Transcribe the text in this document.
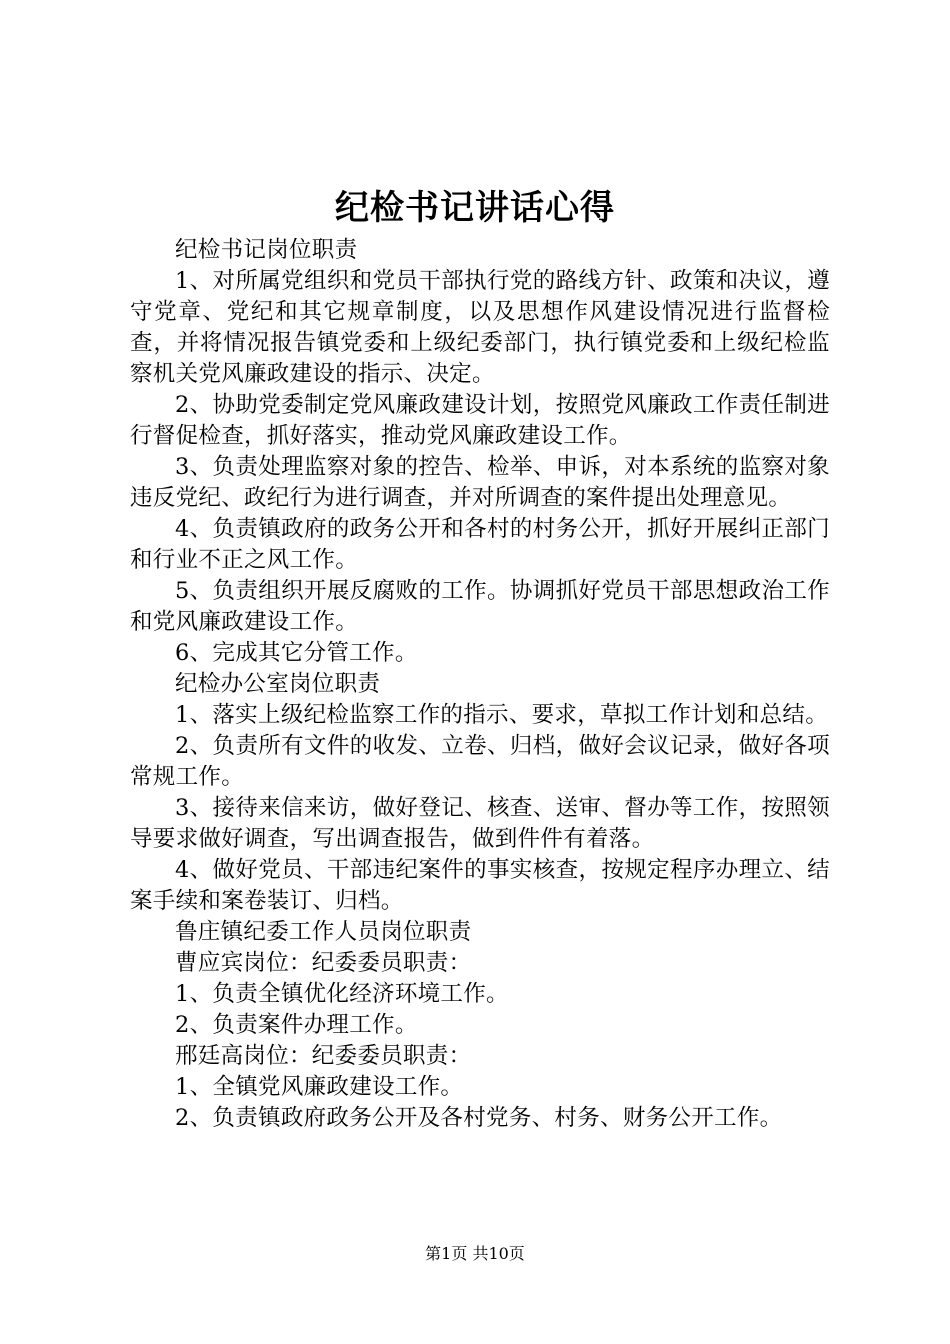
纪检书记讲话心得

纪检书记岗位职责

1、对所属党组织和党员干部执行党的路线方针、政策和决议，遵守党章、党纪和其它规章制度，以及思想作风建设情况进行监督检查，并将情况报告镇党委和上级纪委部门，执行镇党委和上级纪检监察机关党风廉政建设的指示、决定。

2、协助党委制定党风廉政建设计划，按照党风廉政工作责任制进行督促检查，抓好落实，推动党风廉政建设工作。

3、负责处理监察对象的控告、检举、申诉，对本系统的监察对象违反党纪、政纪行为进行调查，并对所调查的案件提出处理意见。

4、负责镇政府的政务公开和各村的村务公开，抓好开展纠正部门和行业不正之风工作。

5、负责组织开展反腐败的工作。协调抓好党员干部思想政治工作和党风廉政建设工作。

6、完成其它分管工作。

纪检办公室岗位职责

1、落实上级纪检监察工作的指示、要求，草拟工作计划和总结。

2、负责所有文件的收发、立卷、归档，做好会议记录，做好各项常规工作。

3、接待来信来访，做好登记、核查、送审、督办等工作，按照领导要求做好调查，写出调查报告，做到件件有着落。

4、做好党员、干部违纪案件的事实核查，按规定程序办理立、结案手续和案卷装订、归档。

鲁庄镇纪委工作人员岗位职责

曹应宾岗位：纪委委员职责：

1、负责全镇优化经济环境工作。

2、负责案件办理工作。

邢廷高岗位：纪委委员职责：

1、全镇党风廉政建设工作。

2、负责镇政府政务公开及各村党务、村务、财务公开工作。

第1页 共10页
